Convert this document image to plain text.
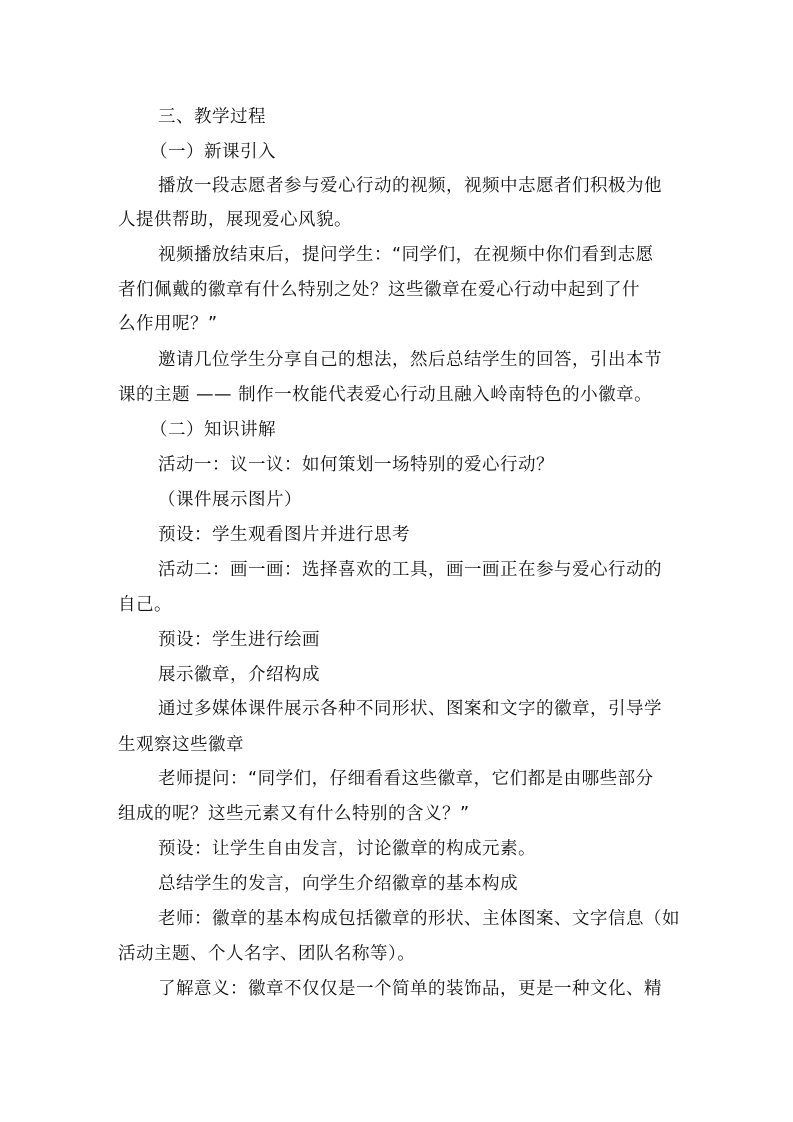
三、教学过程
（一）新课引入
播放一段志愿者参与爱心行动的视频，视频中志愿者们积极为他
人提供帮助，展现爱心风貌。
视频播放结束后，提问学生：“同学们，在视频中你们看到志愿
者们佩戴的徽章有什么特别之处？这些徽章在爱心行动中起到了什
么作用呢？”
邀请几位学生分享自己的想法，然后总结学生的回答，引出本节
课的主题 —— 制作一枚能代表爱心行动且融入岭南特色的小徽章。
（二）知识讲解
活动一：议一议：如何策划一场特别的爱心行动？
（课件展示图片）
预设：学生观看图片并进行思考
活动二：画一画：选择喜欢的工具，画一画正在参与爱心行动的
自己。
预设：学生进行绘画
展示徽章，介绍构成
通过多媒体课件展示各种不同形状、图案和文字的徽章，引导学
生观察这些徽章
老师提问：“同学们，仔细看看这些徽章，它们都是由哪些部分
组成的呢？这些元素又有什么特别的含义？”
预设：让学生自由发言，讨论徽章的构成元素。
总结学生的发言，向学生介绍徽章的基本构成
老师：徽章的基本构成包括徽章的形状、主体图案、文字信息（如
活动主题、个人名字、团队名称等）。
了解意义：徽章不仅仅是一个简单的装饰品，更是一种文化、精
